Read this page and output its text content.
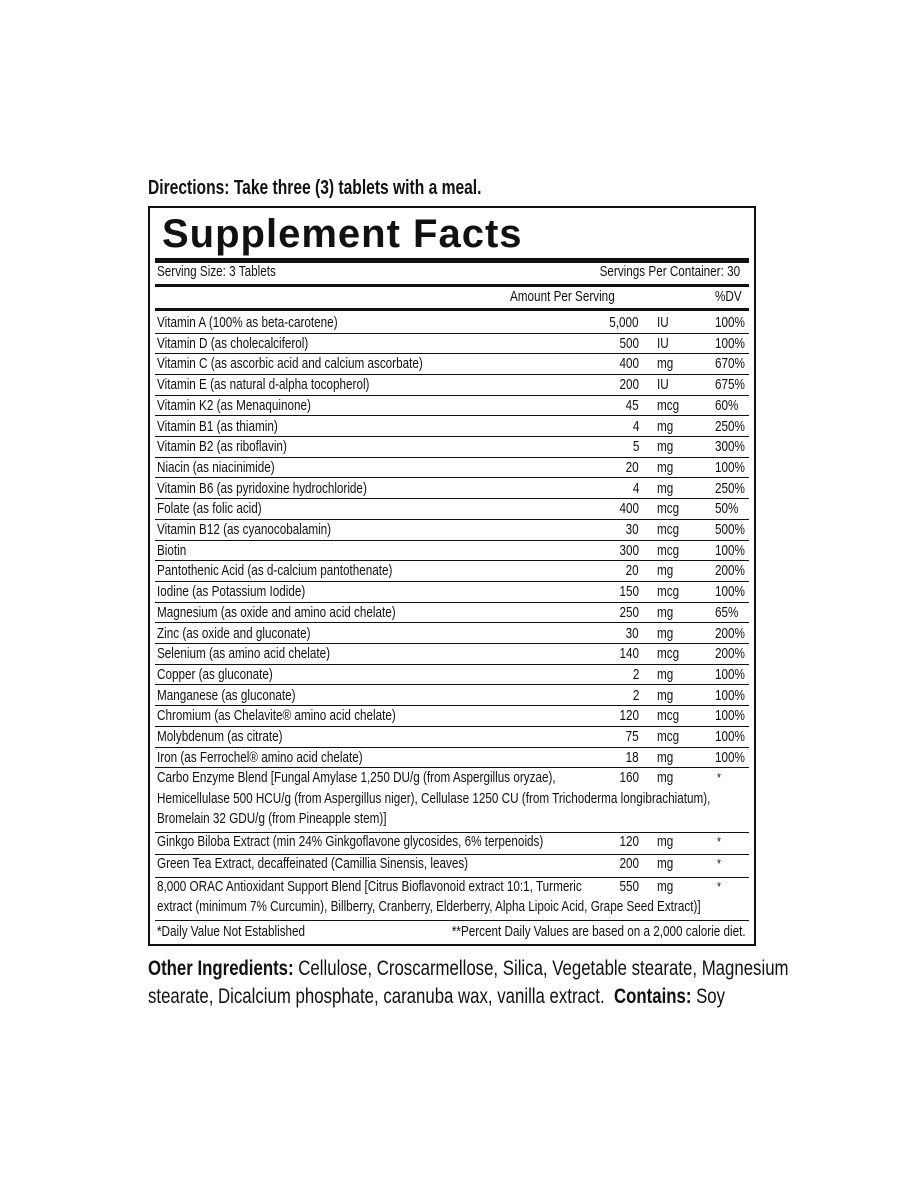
Directions: Take three (3) tablets with a meal.
Supplement Facts
Serving Size: 3 Tablets	Servings Per Container: 30
Amount Per Serving	%DV
Vitamin A (100% as beta-carotene)	5,000 IU	100%
Vitamin D (as cholecalciferol)	500 IU	100%
Vitamin C (as ascorbic acid and calcium ascorbate)	400 mg	670%
Vitamin E (as natural d-alpha tocopherol)	200 IU	675%
Vitamin K2 (as Menaquinone)	45 mcg	60%
Vitamin B1 (as thiamin)	4 mg	250%
Vitamin B2 (as riboflavin)	5 mg	300%
Niacin (as niacinimide)	20 mg	100%
Vitamin B6 (as pyridoxine hydrochloride)	4 mg	250%
Folate (as folic acid)	400 mcg	50%
Vitamin B12 (as cyanocobalamin)	30 mcg	500%
Biotin	300 mcg	100%
Pantothenic Acid (as d-calcium pantothenate)	20 mg	200%
Iodine (as Potassium Iodide)	150 mcg	100%
Magnesium (as oxide and amino acid chelate)	250 mg	65%
Zinc (as oxide and gluconate)	30 mg	200%
Selenium (as amino acid chelate)	140 mcg	200%
Copper (as gluconate)	2 mg	100%
Manganese (as gluconate)	2 mg	100%
Chromium (as Chelavite® amino acid chelate)	120 mcg	100%
Molybdenum (as citrate)	75 mcg	100%
Iron (as Ferrochel® amino acid chelate)	18 mg	100%
Carbo Enzyme Blend [Fungal Amylase 1,250 DU/g (from Aspergillus oryzae),
Hemicellulase 500 HCU/g (from Aspergillus niger), Cellulase 1250 CU (from Trichoderma longibrachiatum),
Bromelain 32 GDU/g (from Pineapple stem)]
160 mg	*
Ginkgo Biloba Extract (min 24% Ginkgoflavone glycosides, 6% terpenoids)	120 mg	*
Green Tea Extract, decaffeinated (Camillia Sinensis, leaves)	200 mg	*
8,000 ORAC Antioxidant Support Blend [Citrus Bioflavonoid extract 10:1, Turmeric
extract (minimum 7% Curcumin), Billberry, Cranberry, Elderberry, Alpha Lipoic Acid, Grape Seed Extract)]
550 mg	*
*Daily Value Not Established	**Percent Daily Values are based on a 2,000 calorie diet.
Other Ingredients: Cellulose, Croscarmellose, Silica, Vegetable stearate, Magnesium
stearate, Dicalcium phosphate, caranuba wax, vanilla extract. Contains: Soy
